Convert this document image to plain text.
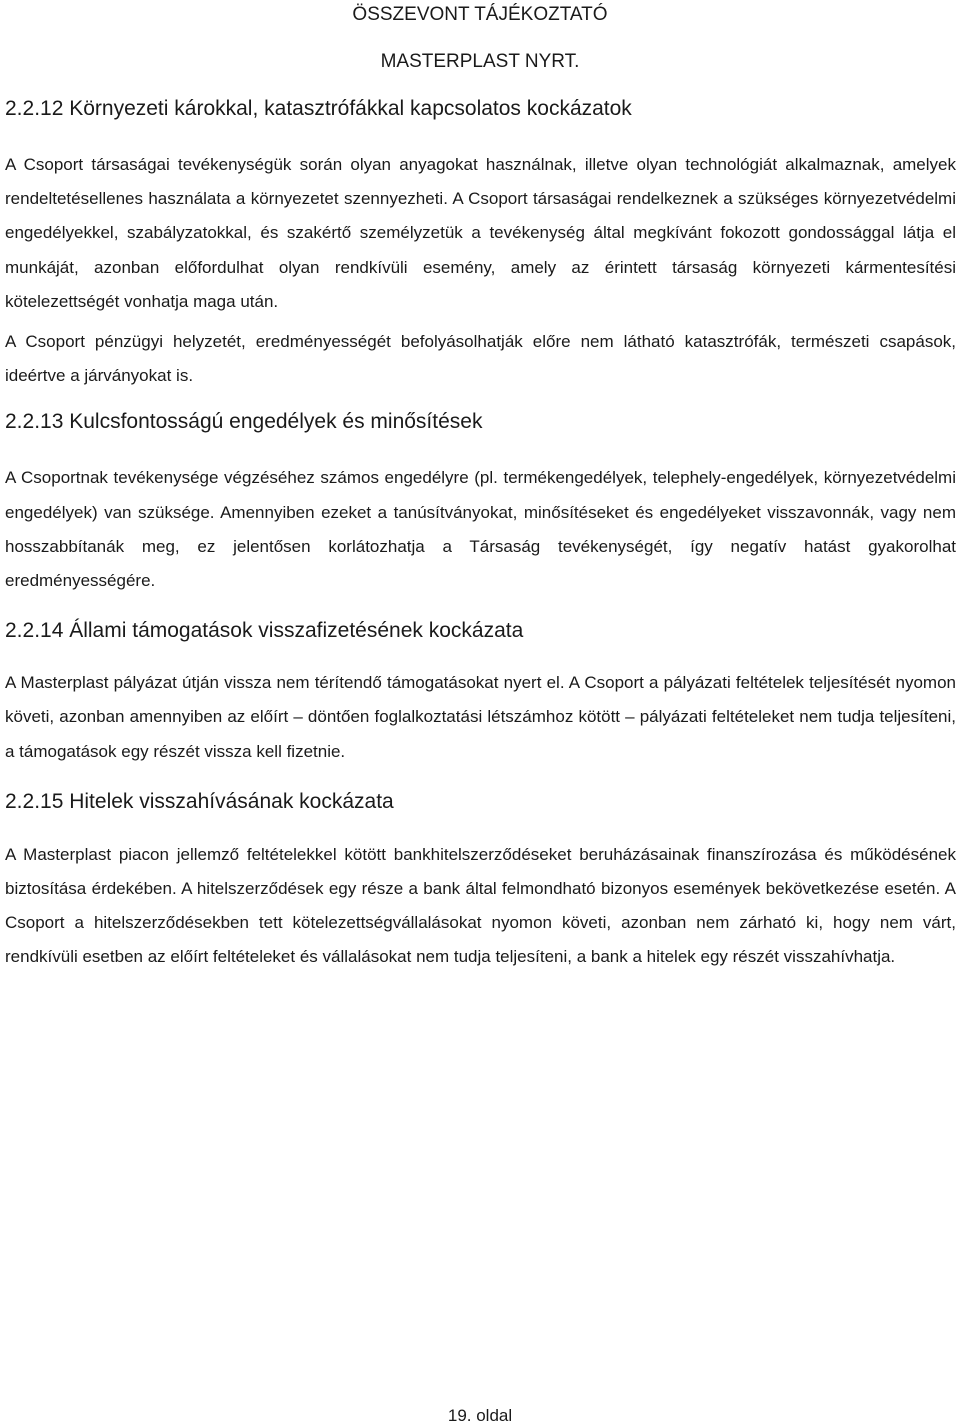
ÖSSZEVONT TÁJÉKOZTATÓ
MASTERPLAST NYRT.
2.2.12 Környezeti károkkal, katasztrófákkal kapcsolatos kockázatok

A Csoport társaságai tevékenységük során olyan anyagokat használnak, illetve olyan technológiát alkalmaznak, amelyek rendeltetésellenes használata a környezetet szennyezheti. A Csoport társaságai rendelkeznek a szükséges környezetvédelmi engedélyekkel, szabályzatokkal, és szakértő személyzetük a tevékenység által megkívánt fokozott gondossággal látja el munkáját, azonban előfordulhat olyan rendkívüli esemény, amely az érintett társaság környezeti kármentesítési kötelezettségét vonhatja maga után.

A Csoport pénzügyi helyzetét, eredményességét befolyásolhatják előre nem látható katasztrófák, természeti csapások, ideértve a járványokat is.

2.2.13 Kulcsfontosságú engedélyek és minősítések

A Csoportnak tevékenysége végzéséhez számos engedélyre (pl. termékengedélyek, telephely-engedélyek, környezetvédelmi engedélyek) van szüksége. Amennyiben ezeket a tanúsítványokat, minősítéseket és engedélyeket visszavonnák, vagy nem hosszabbítanák meg, ez jelentősen korlátozhatja a Társaság tevékenységét, így negatív hatást gyakorolhat eredményességére.

2.2.14 Állami támogatások visszafizetésének kockázata

A Masterplast pályázat útján vissza nem térítendő támogatásokat nyert el. A Csoport a pályázati feltételek teljesítését nyomon követi, azonban amennyiben az előírt – döntően foglalkoztatási létszámhoz kötött – pályázati feltételeket nem tudja teljesíteni, a támogatások egy részét vissza kell fizetnie.

2.2.15 Hitelek visszahívásának kockázata

A Masterplast piacon jellemző feltételekkel kötött bankhitelszerződéseket beruházásainak finanszírozása és működésének biztosítása érdekében. A hitelszerződések egy része a bank által felmondható bizonyos események bekövetkezése esetén. A Csoport a hitelszerződésekben tett kötelezettségvállalásokat nyomon követi, azonban nem zárható ki, hogy nem várt, rendkívüli esetben az előírt feltételeket és vállalásokat nem tudja teljesíteni, a bank a hitelek egy részét visszahívhatja.

19. oldal
